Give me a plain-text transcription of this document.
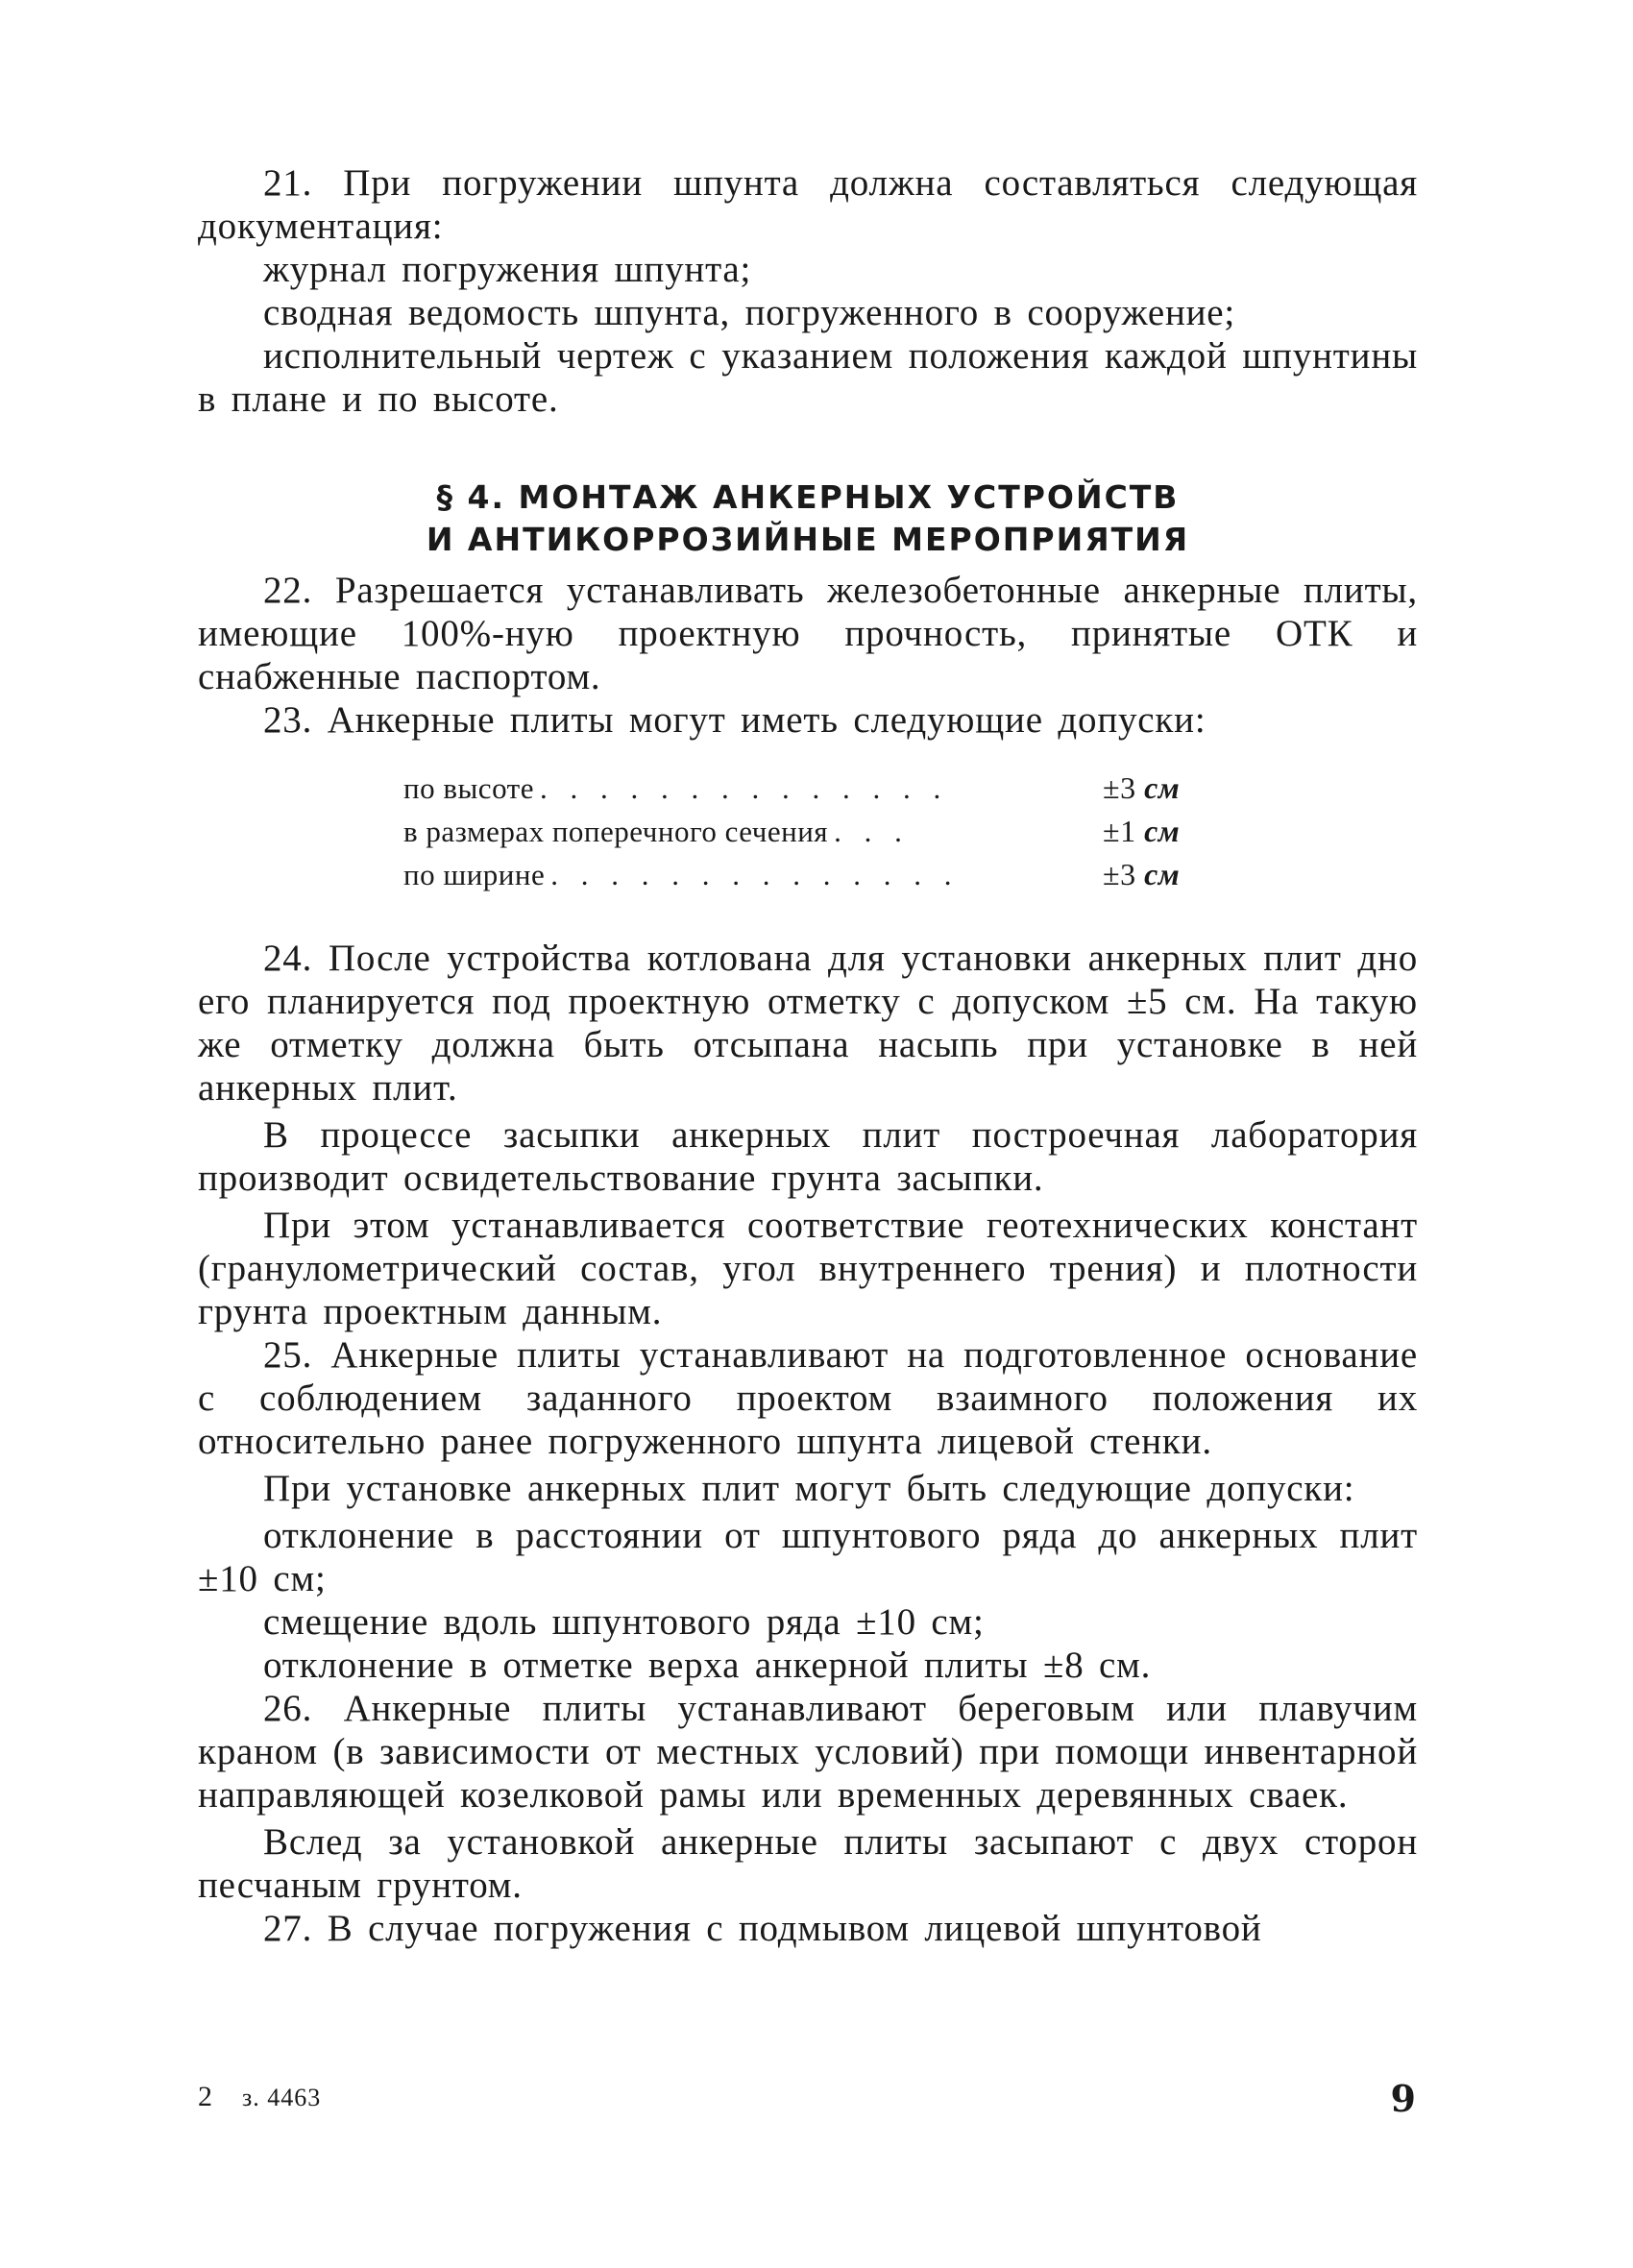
21. При погружении шпунта должна составляться следующая документация:

журнал погружения шпунта;

сводная ведомость шпунта, погруженного в сооружение;

исполнительный чертеж с указанием положения каждой шпунтины в плане и по высоте.

§ 4. МОНТАЖ АНКЕРНЫХ УСТРОЙСТВ
И АНТИКОРРОЗИЙНЫЕ МЕРОПРИЯТИЯ

22. Разрешается устанавливать железобетонные анкерные плиты, имеющие 100%-ную проектную прочность, принятые ОТК и снабженные паспортом.

23. Анкерные плиты могут иметь следующие допуски:

по высоте . . . . . . . . . . . . . .	±3 см
в размерах поперечного сечения . . .	±1 см
по ширине . . . . . . . . . . . . . .	±3 см

24. После устройства котлована для установки анкерных плит дно его планируется под проектную отметку с допуском ±5 см. На такую же отметку должна быть отсыпана насыпь при установке в ней анкерных плит.

В процессе засыпки анкерных плит построечная лаборатория производит освидетельствование грунта засыпки.

При этом устанавливается соответствие геотехнических констант (гранулометрический состав, угол внутреннего трения) и плотности грунта проектным данным.

25. Анкерные плиты устанавливают на подготовленное основание с соблюдением заданного проектом взаимного положения их относительно ранее погруженного шпунта лицевой стенки.

При установке анкерных плит могут быть следующие допуски:

отклонение в расстоянии от шпунтового ряда до анкерных плит ±10 см;

смещение вдоль шпунтового ряда ±10 см;

отклонение в отметке верха анкерной плиты ±8 см.

26. Анкерные плиты устанавливают береговым или плавучим краном (в зависимости от местных условий) при помощи инвентарной направляющей козелковой рамы или временных деревянных сваек.

Вслед за установкой анкерные плиты засыпают с двух сторон песчаным грунтом.

27. В случае погружения с подмывом лицевой шпунтовой

2 з. 4463	9
